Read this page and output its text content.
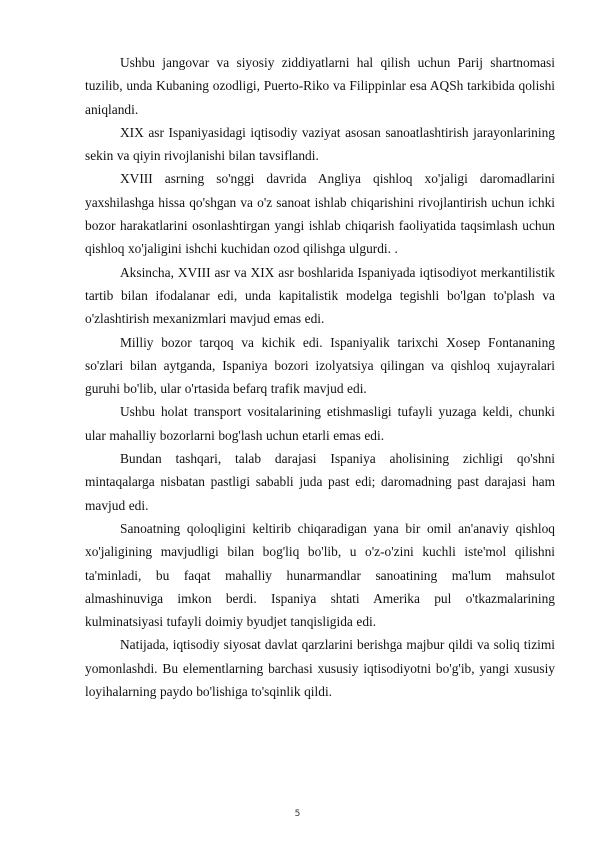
Ushbu jangovar va siyosiy ziddiyatlarni hal qilish uchun Parij shartnomasi tuzilib, unda Kubaning ozodligi, Puerto-Riko va Filippinlar esa AQSh tarkibida qolishi aniqlandi.

XIX asr Ispaniyasidagi iqtisodiy vaziyat asosan sanoatlashtirish jarayonlarining sekin va qiyin rivojlanishi bilan tavsiflandi.

XVIII asrning so'nggi davrida Angliya qishloq xo'jaligi daromadlarini yaxshilashga hissa qo'shgan va o'z sanoat ishlab chiqarishini rivojlantirish uchun ichki bozor harakatlarini osonlashtirgan yangi ishlab chiqarish faoliyatida taqsimlash uchun qishloq xo'jaligini ishchi kuchidan ozod qilishga ulgurdi. .

Aksincha, XVIII asr va XIX asr boshlarida Ispaniyada iqtisodiyot merkantilistik tartib bilan ifodalanar edi, unda kapitalistik modelga tegishli bo'lgan to'plash va o'zlashtirish mexanizmlari mavjud emas edi.

Milliy bozor tarqoq va kichik edi. Ispaniyalik tarixchi Xosep Fontananing so'zlari bilan aytganda, Ispaniya bozori izolyatsiya qilingan va qishloq xujayralari guruhi bo'lib, ular o'rtasida befarq trafik mavjud edi.

Ushbu holat transport vositalarining etishmasligi tufayli yuzaga keldi, chunki ular mahalliy bozorlarni bog'lash uchun etarli emas edi.

Bundan tashqari, talab darajasi Ispaniya aholisining zichligi qo'shni mintaqalarga nisbatan pastligi sababli juda past edi; daromadning past darajasi ham mavjud edi.

Sanoatning qoloqligini keltirib chiqaradigan yana bir omil an'anaviy qishloq xo'jaligining mavjudligi bilan bog'liq bo'lib, u o'z-o'zini kuchli iste'mol qilishni ta'minladi, bu faqat mahalliy hunarmandlar sanoatining ma'lum mahsulot almashinuviga imkon berdi. Ispaniya shtati Amerika pul o'tkazmalarining kulminatsiyasi tufayli doimiy byudjet tanqisligida edi.

Natijada, iqtisodiy siyosat davlat qarzlarini berishga majbur qildi va soliq tizimi yomonlashdi. Bu elementlarning barchasi xususiy iqtisodiyotni bo'g'ib, yangi xususiy loyihalarning paydo bo'lishiga to'sqinlik qildi.

5
